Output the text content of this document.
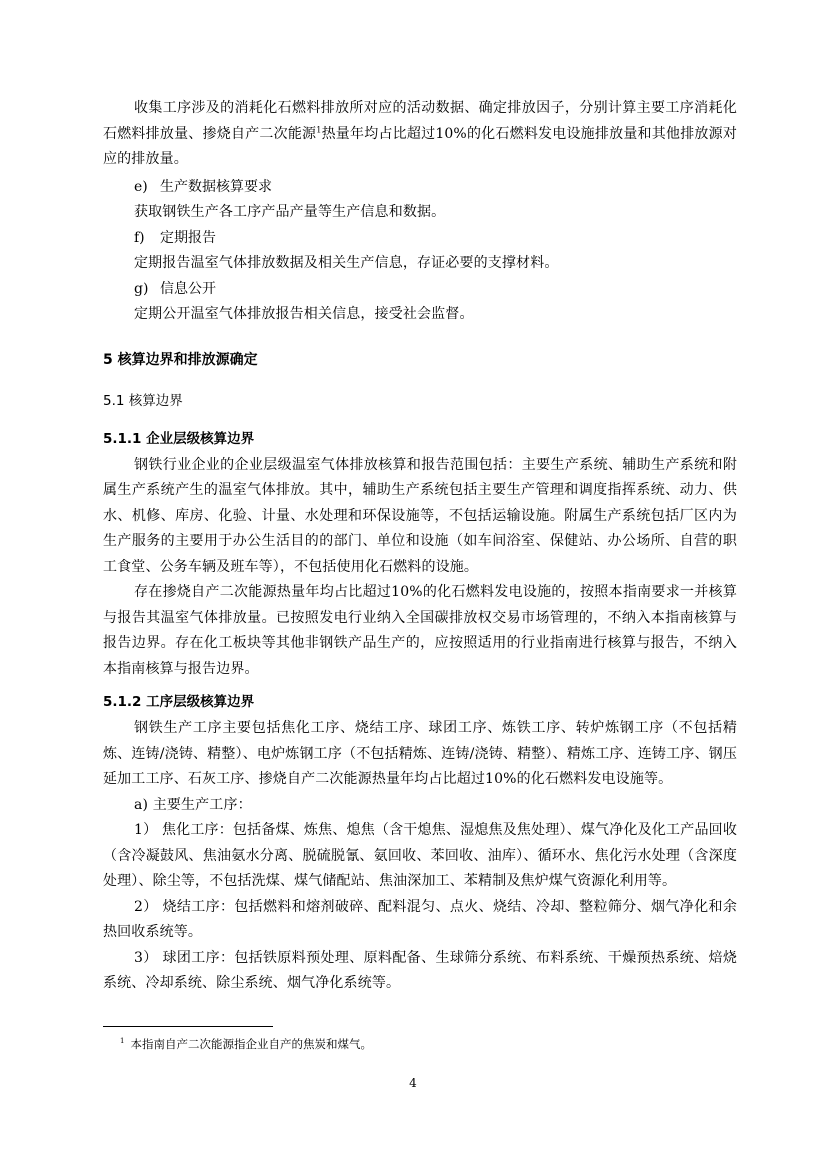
收集工序涉及的消耗化石燃料排放所对应的活动数据、确定排放因子，分别计算主要工序消耗化石燃料排放量、掺烧自产二次能源$^1$热量年均占比超过10%的化石燃料发电设施排放量和其他排放源对应的排放量。

e) 生产数据核算要求

获取钢铁生产各工序产品产量等生产信息和数据。

f) 定期报告

定期报告温室气体排放数据及相关生产信息，存证必要的支撑材料。

g) 信息公开

定期公开温室气体排放报告相关信息，接受社会监督。

5 核算边界和排放源确定

5.1 核算边界

5.1.1 企业层级核算边界

钢铁行业企业的企业层级温室气体排放核算和报告范围包括：主要生产系统、辅助生产系统和附属生产系统产生的温室气体排放。其中，辅助生产系统包括主要生产管理和调度指挥系统、动力、供水、机修、库房、化验、计量、水处理和环保设施等，不包括运输设施。附属生产系统包括厂区内为生产服务的主要用于办公生活目的的部门、单位和设施（如车间浴室、保健站、办公场所、自营的职工食堂、公务车辆及班车等），不包括使用化石燃料的设施。

存在掺烧自产二次能源热量年均占比超过10%的化石燃料发电设施的，按照本指南要求一并核算与报告其温室气体排放量。已按照发电行业纳入全国碳排放权交易市场管理的，不纳入本指南核算与报告边界。存在化工板块等其他非钢铁产品生产的，应按照适用的行业指南进行核算与报告，不纳入本指南核算与报告边界。

5.1.2 工序层级核算边界

钢铁生产工序主要包括焦化工序、烧结工序、球团工序、炼铁工序、转炉炼钢工序（不包括精炼、连铸/浇铸、精整）、电炉炼钢工序（不包括精炼、连铸/浇铸、精整）、精炼工序、连铸工序、钢压延加工工序、石灰工序、掺烧自产二次能源热量年均占比超过10%的化石燃料发电设施等。

a) 主要生产工序：

1） 焦化工序：包括备煤、炼焦、熄焦（含干熄焦、湿熄焦及焦处理）、煤气净化及化工产品回收（含冷凝鼓风、焦油氨水分离、脱硫脱氰、氨回收、苯回收、油库）、循环水、焦化污水处理（含深度处理）、除尘等，不包括洗煤、煤气储配站、焦油深加工、苯精制及焦炉煤气资源化利用等。

2） 烧结工序：包括燃料和熔剂破碎、配料混匀、点火、烧结、冷却、整粒筛分、烟气净化和余热回收系统等。

3） 球团工序：包括铁原料预处理、原料配备、生球筛分系统、布料系统、干燥预热系统、焙烧系统、冷却系统、除尘系统、烟气净化系统等。

$^1$ 本指南自产二次能源指企业自产的焦炭和煤气。
4
